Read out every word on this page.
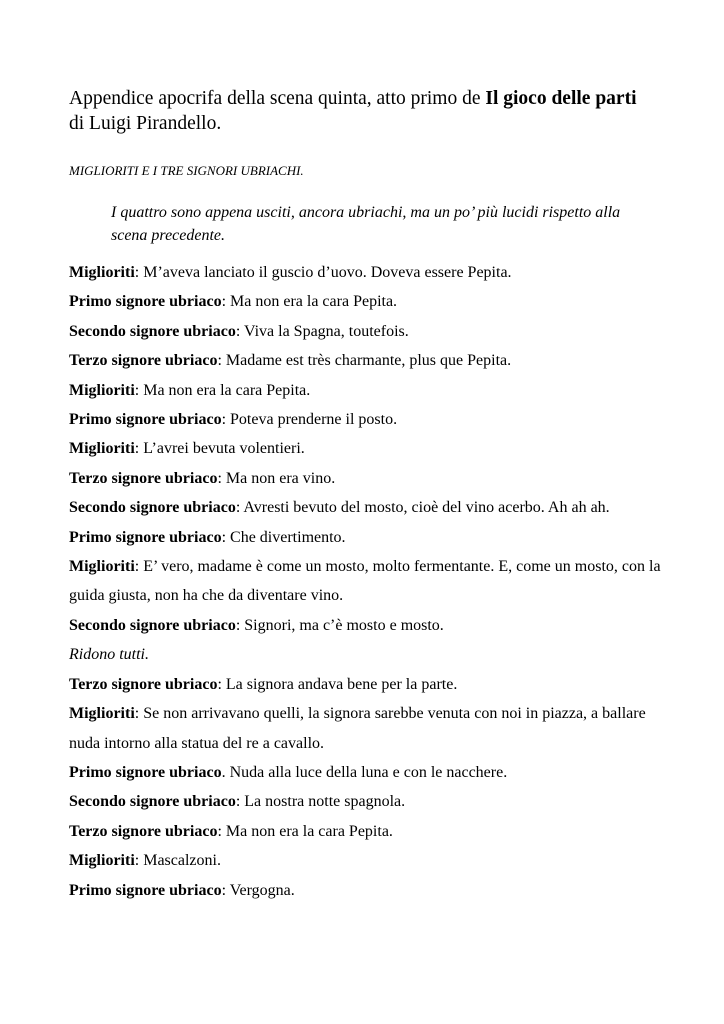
Appendice apocrifa della scena quinta, atto primo de Il gioco delle parti
di Luigi Pirandello.

MIGLIORITI E I TRE SIGNORI UBRIACHI.

I quattro sono appena usciti, ancora ubriachi, ma un po’ più lucidi rispetto alla scena precedente.

Miglioriti: M’aveva lanciato il guscio d’uovo. Doveva essere Pepita.

Primo signore ubriaco: Ma non era la cara Pepita.

Secondo signore ubriaco: Viva la Spagna, toutefois.

Terzo signore ubriaco: Madame est très charmante, plus que Pepita.

Miglioriti: Ma non era la cara Pepita.

Primo signore ubriaco: Poteva prenderne il posto.

Miglioriti: L’avrei bevuta volentieri.

Terzo signore ubriaco: Ma non era vino.

Secondo signore ubriaco: Avresti bevuto del mosto, cioè del vino acerbo. Ah ah ah.

Primo signore ubriaco: Che divertimento.

Miglioriti: E’ vero, madame è come un mosto, molto fermentante. E, come un mosto, con la guida giusta, non ha che da diventare vino.

Secondo signore ubriaco: Signori, ma c’è mosto e mosto.

Ridono tutti.

Terzo signore ubriaco: La signora andava bene per la parte.

Miglioriti: Se non arrivavano quelli, la signora sarebbe venuta con noi in piazza, a ballare nuda intorno alla statua del re a cavallo.

Primo signore ubriaco. Nuda alla luce della luna e con le nacchere.

Secondo signore ubriaco: La nostra notte spagnola.

Terzo signore ubriaco: Ma non era la cara Pepita.

Miglioriti: Mascalzoni.

Primo signore ubriaco: Vergogna.
